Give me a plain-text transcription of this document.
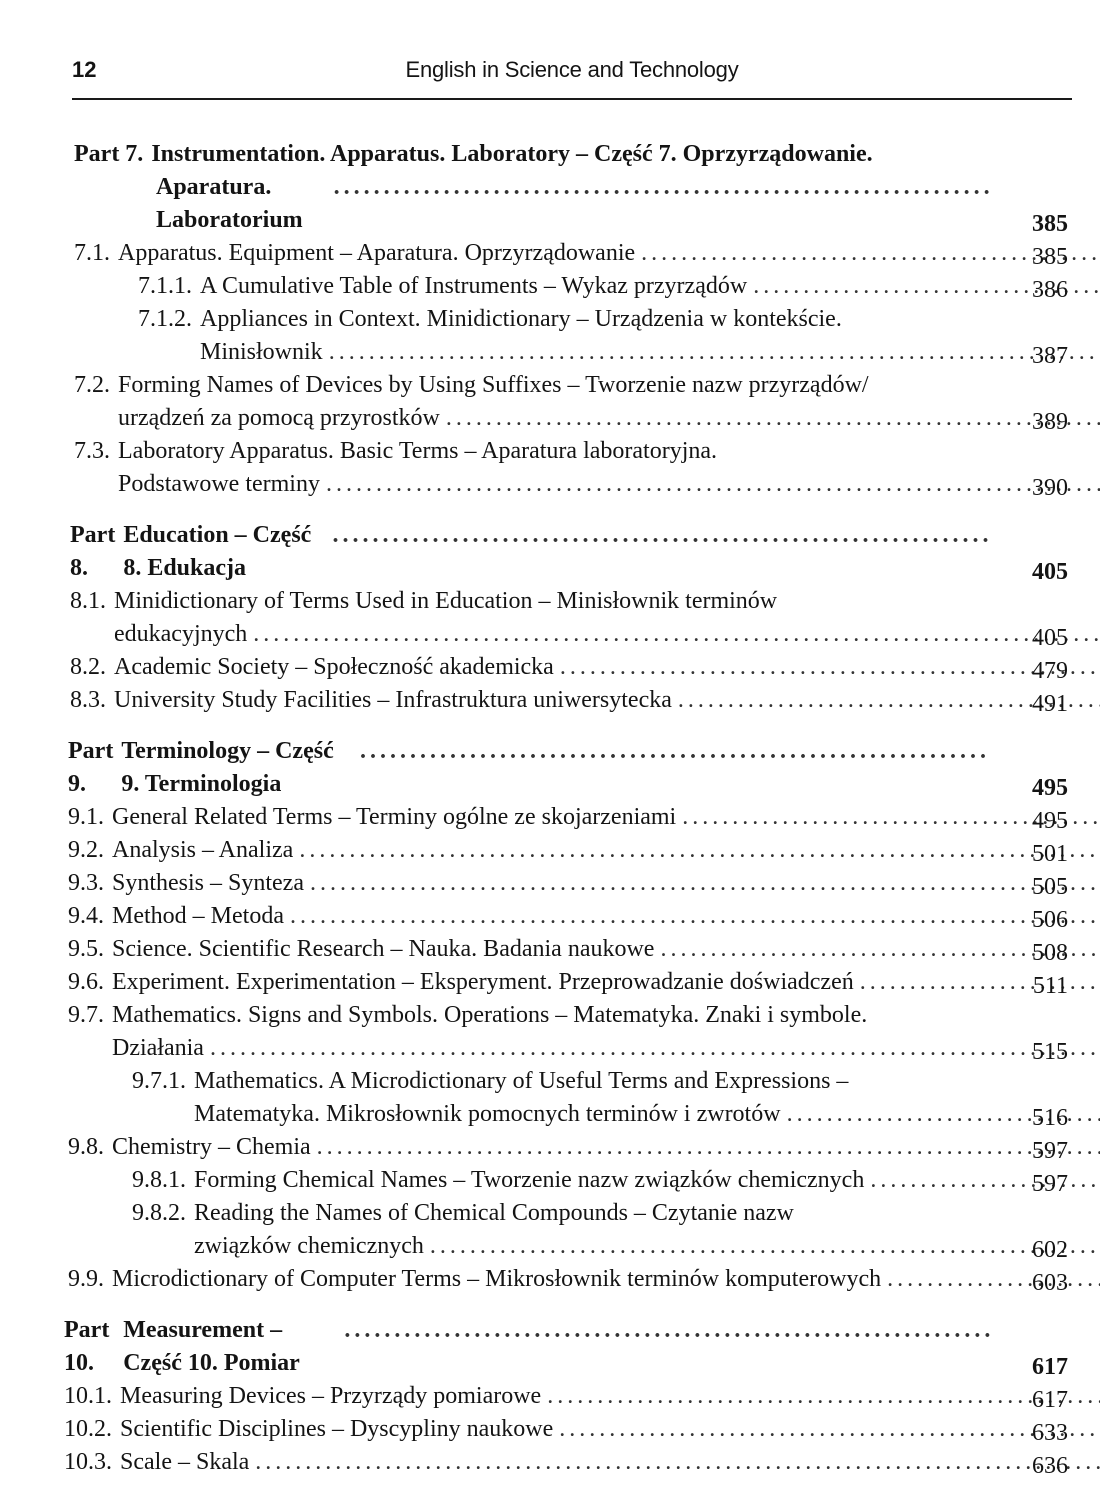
12	English in Science and Technology
Part 7. Instrumentation. Apparatus. Laboratory – Część 7. Oprzyrządowanie.
Aparatura. Laboratorium
. . .	385
7.1. Apparatus. Equipment – Aparatura. Oprzyrządowanie . . .	385
7.1.1. A Cumulative Table of Instruments – Wykaz przyrządów . . .	386
7.1.2. Appliances in Context. Minidictionary – Urządzenia w kontekście.
Minisłownik . . .	387
7.2. Forming Names of Devices by Using Suffixes – Tworzenie nazw przyrządów/
urządzeń za pomocą przyrostków . . .	389
7.3. Laboratory Apparatus. Basic Terms – Aparatura laboratoryjna.
Podstawowe terminy . . .	390
Part 8.
Education – Część 8. Edukacja
. . .	405
8.1. Minidictionary of Terms Used in Education – Minisłownik terminów
edukacyjnych . . .	405
8.2. Academic Society – Społeczność akademicka . . .	479
8.3. University Study Facilities – Infrastruktura uniwersytecka . . .	491
Part 9.
Terminology – Część 9. Terminologia
. . .	495
9.1. General Related Terms – Terminy ogólne ze skojarzeniami . . .	495
9.2. Analysis – Analiza . . .	501
9.3. Synthesis – Synteza . . .	505
9.4. Method – Metoda . . .	506
9.5. Science. Scientific Research – Nauka. Badania naukowe . . .	508
9.6. Experiment. Experimentation – Eksperyment. Przeprowadzanie doświadczeń . . .	511
9.7. Mathematics. Signs and Symbols. Operations – Matematyka. Znaki i symbole.
Działania . . .	515
9.7.1. Mathematics. A Microdictionary of Useful Terms and Expressions –
Matematyka. Mikrosłownik pomocnych terminów i zwrotów . . .	516
9.8. Chemistry – Chemia . . .	597
9.8.1. Forming Chemical Names – Tworzenie nazw związków chemicznych . . .	597
9.8.2. Reading the Names of Chemical Compounds – Czytanie nazw
związków chemicznych . . .	602
9.9. Microdictionary of Computer Terms – Mikrosłownik terminów komputerowych . . .	603
Part 10.
Measurement – Część 10. Pomiar
. . .	617
10.1. Measuring Devices – Przyrządy pomiarowe . . .	617
10.2. Scientific Disciplines – Dyscypliny naukowe . . .	633
10.3. Scale – Skala . . .	636
